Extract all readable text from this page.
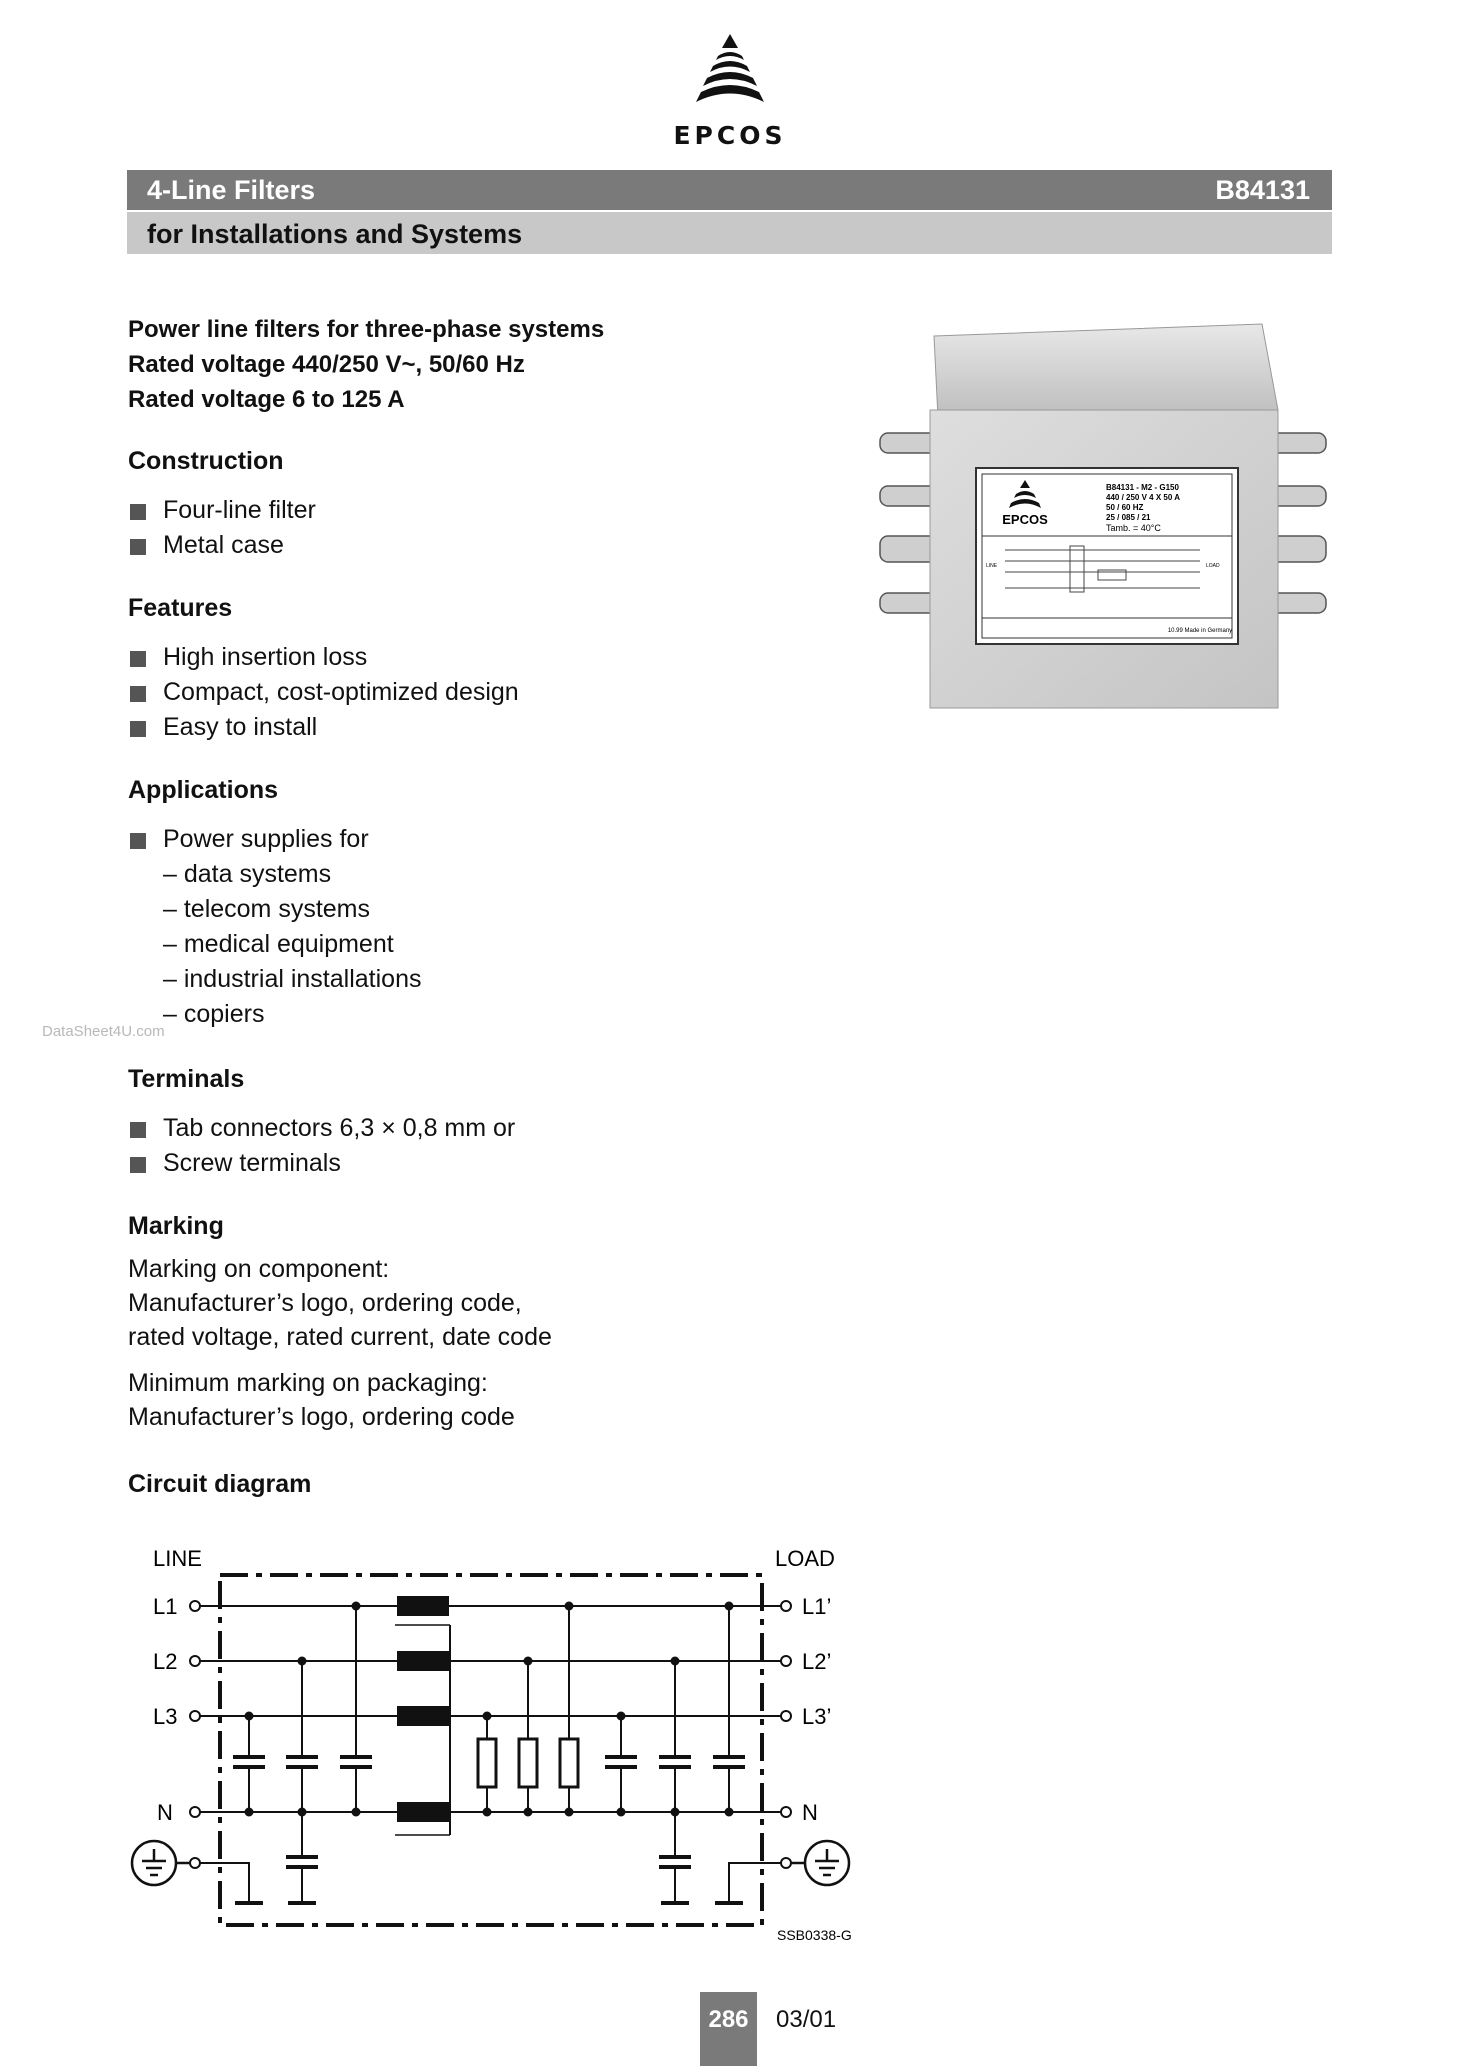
EPCOS
4-Line Filters	B84131
for Installations and Systems
Power line filters for three-phase systems
Rated voltage 440/250 V~, 50/60 Hz
Rated voltage 6 to 125 A
Construction
Four-line filter
Metal case
Features
High insertion loss
Compact, cost-optimized design
Easy to install
Applications
Power supplies for
– data systems
– telecom systems
– medical equipment
– industrial installations
– copiers
DataSheet4U.com
Terminals
Tab connectors 6,3 × 0,8 mm or
Screw terminals
Marking
Marking on component:
Manufacturer’s logo, ordering code,
rated voltage, rated current, date code
Minimum marking on packaging:
Manufacturer’s logo, ordering code
Circuit diagram
EPCOS
B84131 - M2 - G150
440 / 250 V 4 X 50 A
50 / 60 HZ
25 / 085 / 21
Tamb. = 40°C
LINE	LOAD
10.99 Made in Germany
LINE	LOAD
L1
L2
L3
N
L1’
L2’
L3’
N
SSB0338-G
286	03/01
